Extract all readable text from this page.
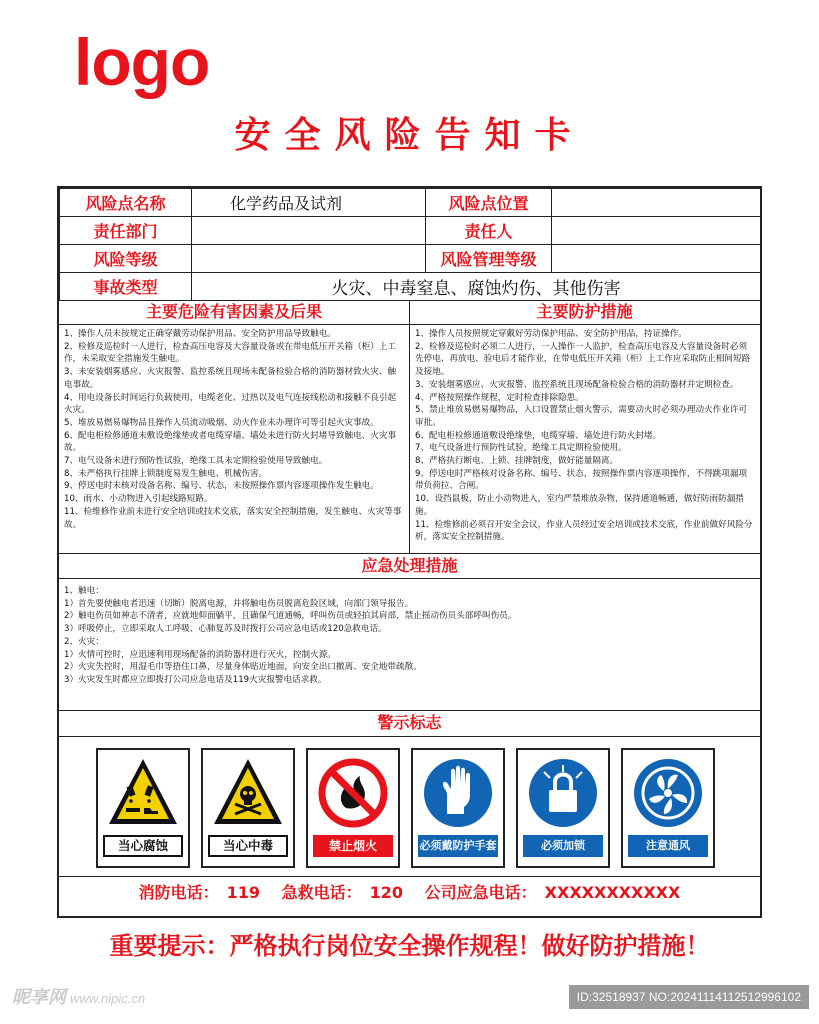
logo
安全风险告知卡
风险点名称	化学药品及试剂	风险点位置	
责任部门		责任人	
风险等级		风险管理等级	
事故类型	火灾、中毒窒息、腐蚀灼伤、其他伤害		
主要危险有害因素及后果	主要防护措施
1、操作人员未按规定正确穿戴劳动保护用品、安全防护用品导致触电。
2、检修及巡检时一人进行，检查高压电容及大容量设备或在带电低压开关箱（柜）上工作，未采取安全措施发生触电。
3、未安装烟雾感应、火灾报警、监控系统且现场未配备检验合格的消防器材致火灾、触电事故。
4、用电设备长时间运行负载使用，电缆老化、过热以及电气连接线松动和接触不良引起火灾。
5、堆放易燃易爆物品且操作人员流动吸烟、动火作业未办理许可等引起火灾事故。
6、配电柜检修通道未敷设绝缘垫或者电缆穿墙、墙处未进行防火封堵导致触电、火灾事故。
7、电气设备未进行预防性试验，绝缘工具未定期检验使用导致触电。
8、未严格执行挂牌上锁制度易发生触电、机械伤害。
9、停送电时未核对设备名称、编号、状态，未按照操作票内容逐项操作发生触电。
10、雨水、小动物进入引起线路短路。
11、检维修作业前未进行安全培训或技术交底，落实安全控制措施，发生触电、火灾等事故。
1、操作人员按照规定穿戴好劳动保护用品、安全防护用品，持证操作。
2、检修及巡检时必须二人进行，一人操作一人监护，检查高压电容及大容量设备时必须先停电、再放电、验电后才能作业，在带电低压开关箱（柜）上工作应采取防止相间短路及接地。
3、安装烟雾感应、火灾报警、监控系统且现场配备检验合格的消防器材并定期检查。
4、严格按照操作规程，定时检查排除隐患。
5、禁止堆放易燃易爆物品，入口设置禁止烟火警示，需要动火时必须办理动火作业许可审批。
6、配电柜检修通道敷设绝缘垫，电缆穿墙、墙处进行防火封堵。
7、电气设备进行预防性试验，绝缘工具定期检验使用。
8、严格执行断电、上锁、挂牌制度，做好能量隔离。
9、停送电时严格核对设备名称、编号、状态，按照操作票内容逐项操作，不得跳项漏项带负荷拉、合闸。
10、设挡鼠板，防止小动物进入，室内严禁堆放杂物，保持通道畅通，做好防雨防漏措施。
11、检维修前必须召开安全会议，作业人员经过安全培训或技术交底，作业前做好风险分析，落实安全控制措施。
应急处理措施
1、触电：
1）首先要使触电者迅速（切断）脱离电源，并将触电伤员脱离危险区域，向部门领导报告。
2）触电伤员如神志不清者，应就地仰面躺平，且确保气道通畅，呼叫伤员或轻拍其肩部，禁止摇动伤员头部呼叫伤员。
3）呼吸停止，立即采取人工呼吸、心肺复苏及时拨打公司应急电话或120急救电话。
2、火灾：
1）火情可控时，应迅速利用现场配备的消防器材进行灭火，控制火源。
2）火灾失控时，用湿毛巾等捂住口鼻，尽量身体贴近地面，向安全出口撤离、安全地带疏散。
3）火灾发生时都应立即拨打公司应急电话及119火灾报警电话求救。
警示标志
当心腐蚀	当心中毒	禁止烟火	必须戴防护手套	必须加锁	注意通风
消防电话： 119 急救电话： 120 公司应急电话： XXXXXXXXXXX
重要提示：严格执行岗位安全操作规程！做好防护措施！
昵享网 www.nipic.cn	ID:32518937 NO:20241114112512996102
